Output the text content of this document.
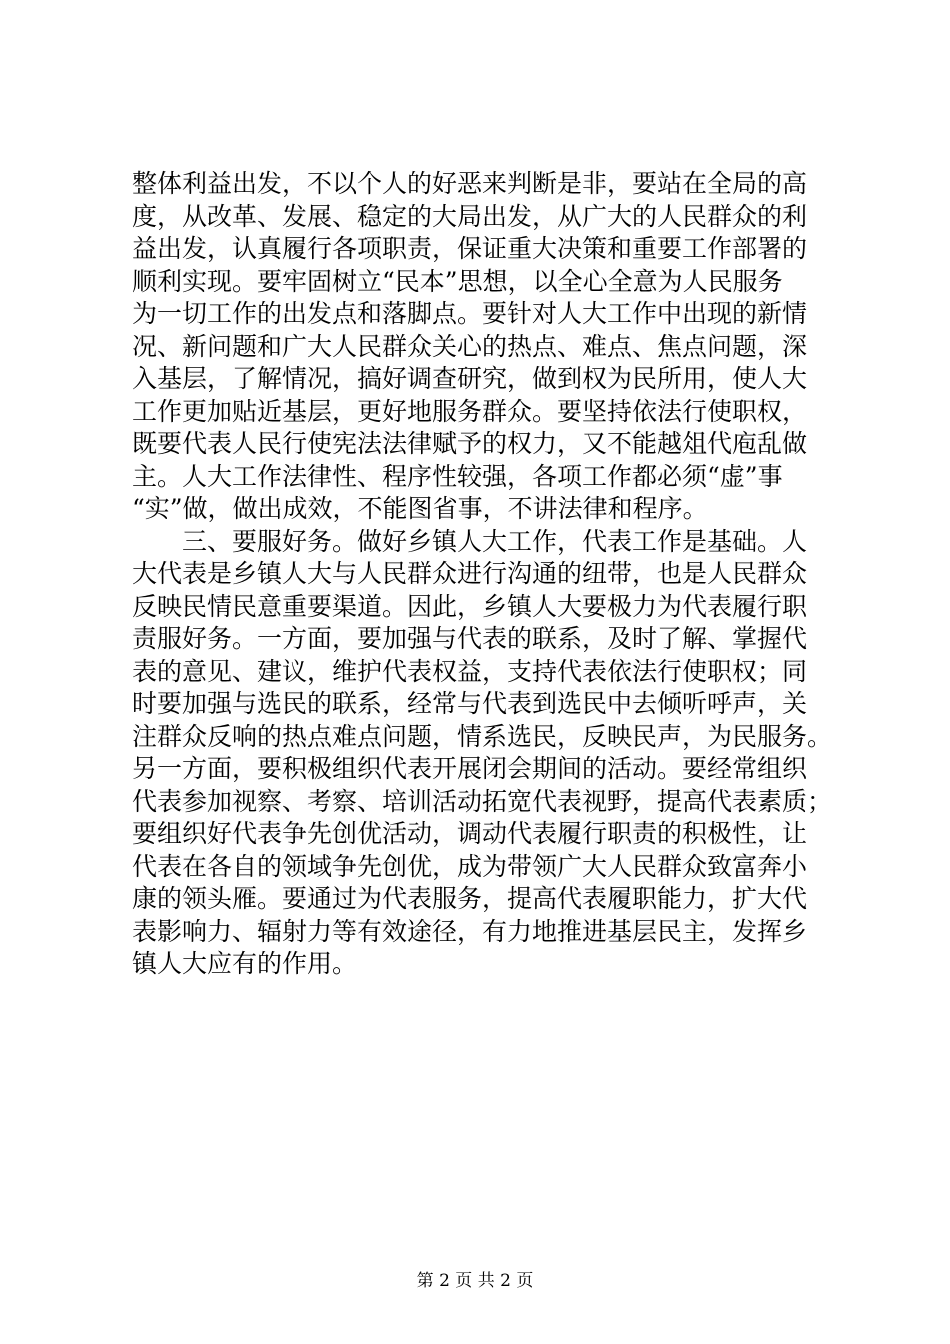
整体利益出发，不以个人的好恶来判断是非，要站在全局的高
度，从改革、发展、稳定的大局出发，从广大的人民群众的利
益出发，认真履行各项职责，保证重大决策和重要工作部署的
顺利实现。要牢固树立“民本”思想，以全心全意为人民服务
为一切工作的出发点和落脚点。要针对人大工作中出现的新情
况、新问题和广大人民群众关心的热点、难点、焦点问题，深
入基层，了解情况，搞好调查研究，做到权为民所用，使人大
工作更加贴近基层，更好地服务群众。要坚持依法行使职权，
既要代表人民行使宪法法律赋予的权力，又不能越俎代庖乱做
主。人大工作法律性、程序性较强，各项工作都必须“虚”事
“实”做，做出成效，不能图省事，不讲法律和程序。
　　三、要服好务。做好乡镇人大工作，代表工作是基础。人
大代表是乡镇人大与人民群众进行沟通的纽带，也是人民群众
反映民情民意重要渠道。因此，乡镇人大要极力为代表履行职
责服好务。一方面，要加强与代表的联系，及时了解、掌握代
表的意见、建议，维护代表权益，支持代表依法行使职权；同
时要加强与选民的联系，经常与代表到选民中去倾听呼声，关
注群众反响的热点难点问题，情系选民，反映民声，为民服务。
另一方面，要积极组织代表开展闭会期间的活动。要经常组织
代表参加视察、考察、培训活动拓宽代表视野，提高代表素质；
要组织好代表争先创优活动，调动代表履行职责的积极性，让
代表在各自的领域争先创优，成为带领广大人民群众致富奔小
康的领头雁。要通过为代表服务，提高代表履职能力，扩大代
表影响力、辐射力等有效途径，有力地推进基层民主，发挥乡
镇人大应有的作用。
第 2 页 共 2 页
